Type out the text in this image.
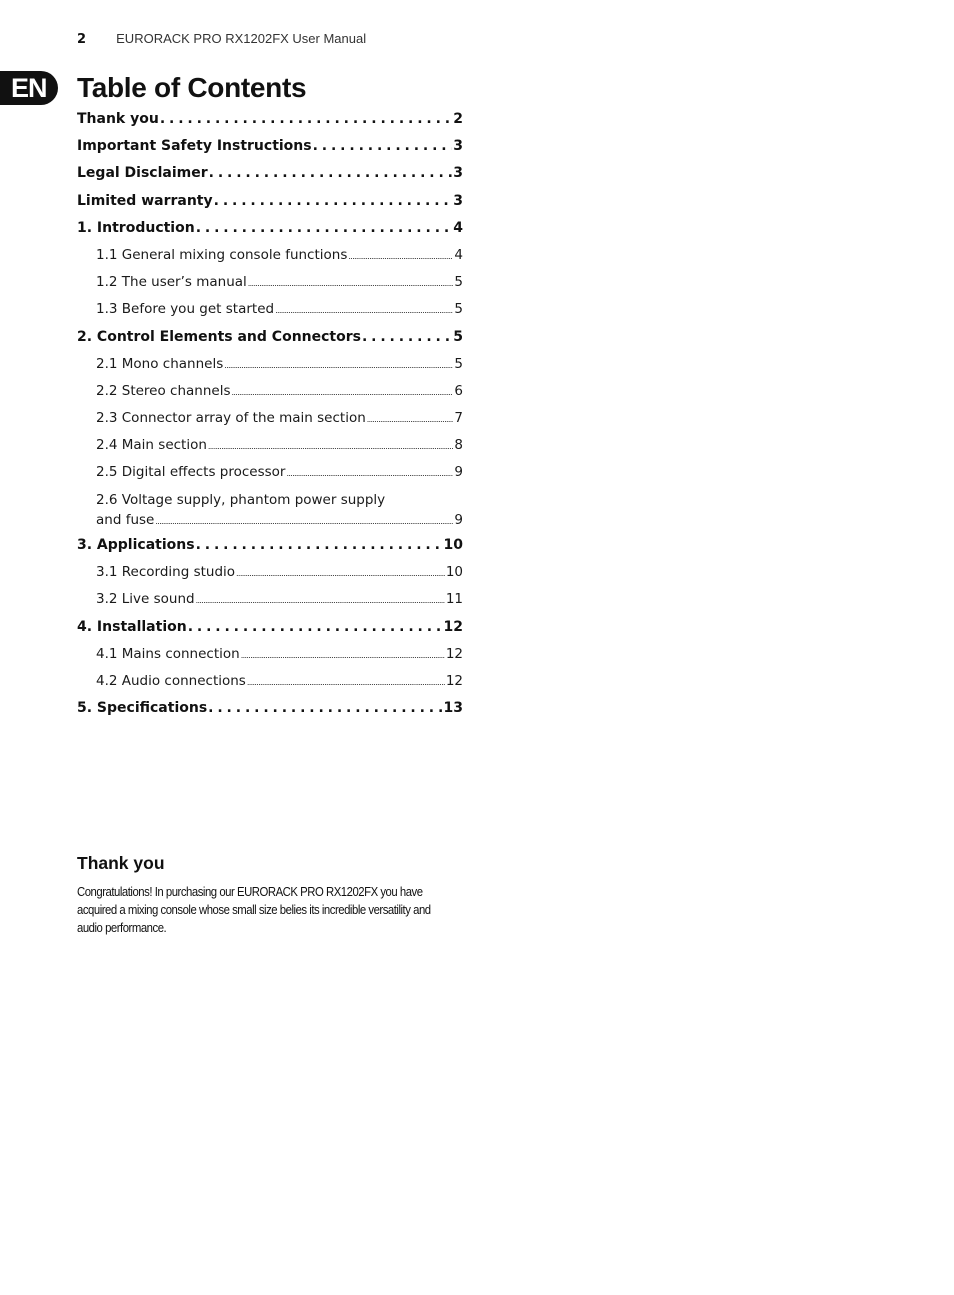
2 EURORACK PRO RX1202FX User Manual
EN	Table of Contents
Thank you . . .	2
Important Safety Instructions . . .	3
Legal Disclaimer . . .	3
Limited warranty . . .	3
1. Introduction . . .	4
1.1 General mixing console functions . . .	4
1.2 The user’s manual . . .	5
1.3 Before you get started . . .	5
2. Control Elements and Connectors . . .	5
2.1 Mono channels . . .	5
2.2 Stereo channels . . .	6
2.3 Connector array of the main section . . .	7
2.4 Main section . . .	8
2.5 Digital effects processor . . .	9
2.6 Voltage supply, phantom power supply
and fuse . . .	9
3. Applications . . .	10
3.1 Recording studio . . .	10
3.2 Live sound . . .	11
4. Installation . . .	12
4.1 Mains connection . . .	12
4.2 Audio connections . . .	12
5. Specifications . . .	13
Thank you

Congratulations! In purchasing our EURORACK PRO RX1202FX you have acquired a mixing console whose small size belies its incredible versatility and audio performance.
